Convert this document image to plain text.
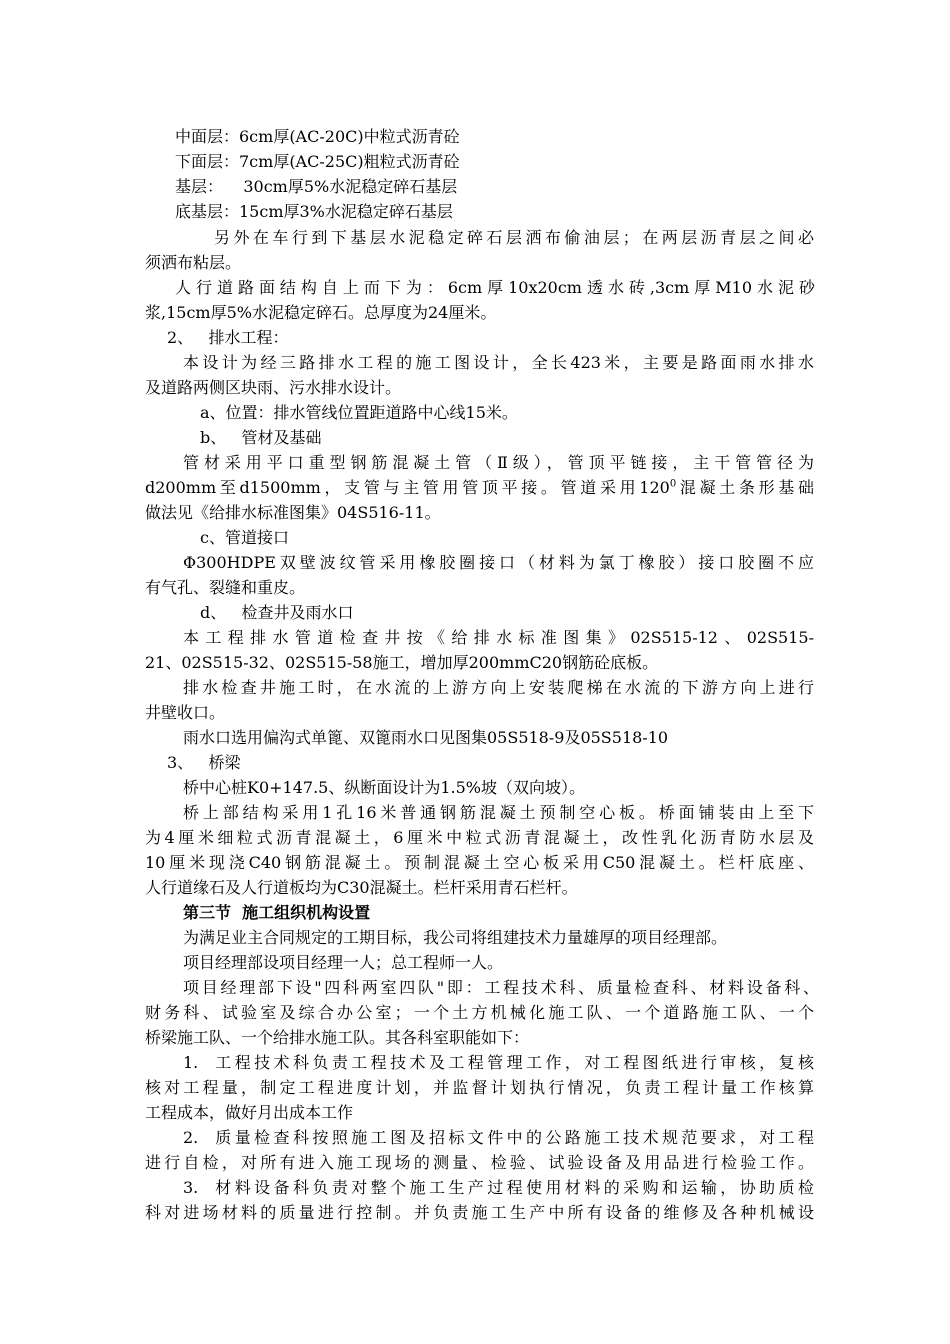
中面层：6cm厚(AC-20C)中粒式沥青砼
下面层：7cm厚(AC-25C)粗粒式沥青砼
基层：    30cm厚5%水泥稳定碎石基层
底基层：15cm厚3%水泥稳定碎石基层
另外在车行到下基层水泥稳定碎石层洒布偷油层；在两层沥青层之间必
须洒布粘层。
人行道路面结构自上而下为：6cm厚10x20cm透水砖,3cm厚M10水泥砂
浆,15cm厚5%水泥稳定碎石。总厚度为24厘米。
2、   排水工程：
本设计为经三路排水工程的施工图设计，全长423米，主要是路面雨水排水
及道路两侧区块雨、污水排水设计。
a、位置：排水管线位置距道路中心线15米。
b、   管材及基础
管材采用平口重型钢筋混凝土管（Ⅱ级），管顶平链接，主干管管径为
d200mm至d1500mm，支管与主管用管顶平接。管道采用$120^0$混凝土条形基础
做法见《给排水标准图集》04S516-11。
c、管道接口
Φ300HDPE双壁波纹管采用橡胶圈接口（材料为氯丁橡胶）接口胶圈不应
有气孔、裂缝和重皮。
d、   检查井及雨水口
本工程排水管道检查井按《给排水标准图集》02S515-12、02S515-
21、02S515-32、02S515-58施工，增加厚200mmC20钢筋砼底板。
排水检查井施工时，在水流的上游方向上安装爬梯在水流的下游方向上进行
井壁收口。
雨水口选用偏沟式单篦、双篦雨水口见图集05S518-9及05S518-10
3、   桥梁
桥中心桩K0+147.5、纵断面设计为1.5%坡（双向坡）。
桥上部结构采用1孔16米普通钢筋混凝土预制空心板。桥面铺装由上至下
为4厘米细粒式沥青混凝土，6厘米中粒式沥青混凝土，改性乳化沥青防水层及
10厘米现浇C40钢筋混凝土。预制混凝土空心板采用C50混凝土。栏杆底座、
人行道缘石及人行道板均为C30混凝土。栏杆采用青石栏杆。
第三节  施工组织机构设置
为满足业主合同规定的工期目标，我公司将组建技术力量雄厚的项目经理部。
项目经理部设项目经理一人；总工程师一人。
项目经理部下设"四科两室四队"即：工程技术科、质量检查科、材料设备科、
财务科、试验室及综合办公室；一个土方机械化施工队、一个道路施工队、一个
桥梁施工队、一个给排水施工队。其各科室职能如下：
1.  工程技术科负责工程技术及工程管理工作，对工程图纸进行审核，复核
核对工程量，制定工程进度计划，并监督计划执行情况，负责工程计量工作核算
工程成本，做好月出成本工作
2.  质量检查科按照施工图及招标文件中的公路施工技术规范要求，对工程
进行自检，对所有进入施工现场的测量、检验、试验设备及用品进行检验工作。
3.  材料设备科负责对整个施工生产过程使用材料的采购和运输，协助质检
科对进场材料的质量进行控制。并负责施工生产中所有设备的维修及各种机械设
